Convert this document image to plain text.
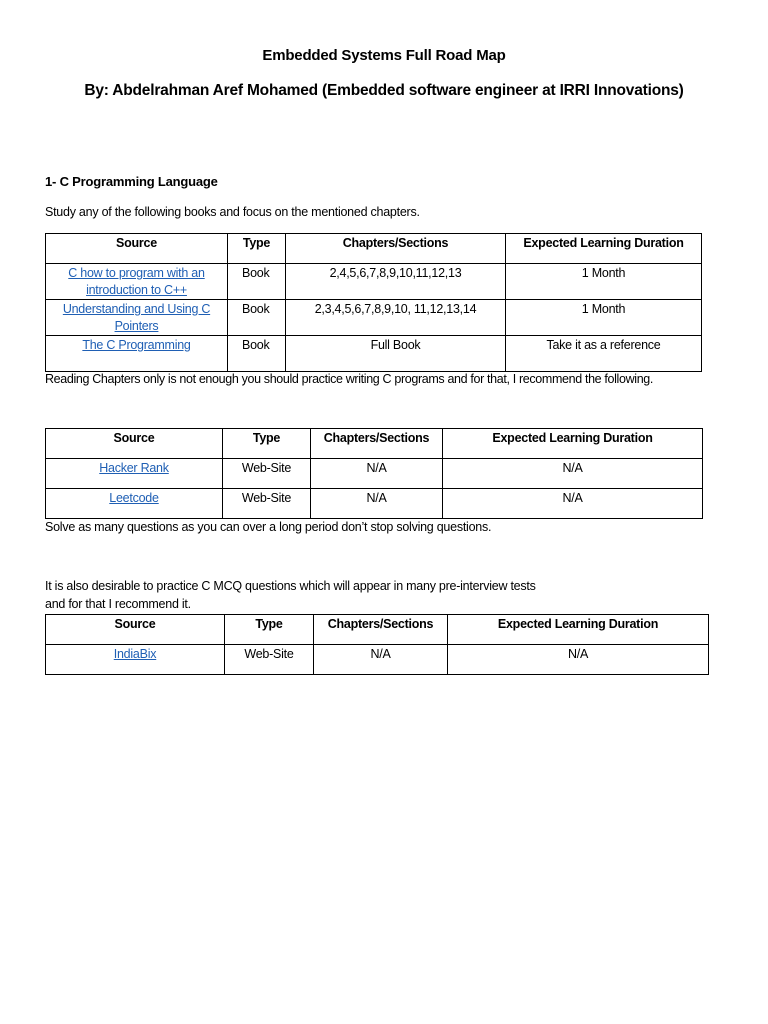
Embedded Systems Full Road Map
By: Abdelrahman Aref Mohamed (Embedded software engineer at IRRI Innovations)
1- C Programming Language
Study any of the following books and focus on the mentioned chapters.
Source	Type	Chapters/Sections	Expected Learning Duration
C how to program with an introduction to C++	Book	2,4,5,6,7,8,9,10,11,12,13	1 Month
Understanding and Using C Pointers	Book	2,3,4,5,6,7,8,9,10, 11,12,13,14	1 Month
The C Programming	Book	Full Book	Take it as a reference
Reading Chapters only is not enough you should practice writing C programs and for that, I recommend the following.
Source	Type	Chapters/Sections	Expected Learning Duration
Hacker Rank	Web-Site	N/A	N/A
Leetcode	Web-Site	N/A	N/A
Solve as many questions as you can over a long period don’t stop solving questions.
It is also desirable to practice C MCQ questions which will appear in many pre-interview tests
and for that I recommend it.
Source	Type	Chapters/Sections	Expected Learning Duration
IndiaBix	Web-Site	N/A	N/A
